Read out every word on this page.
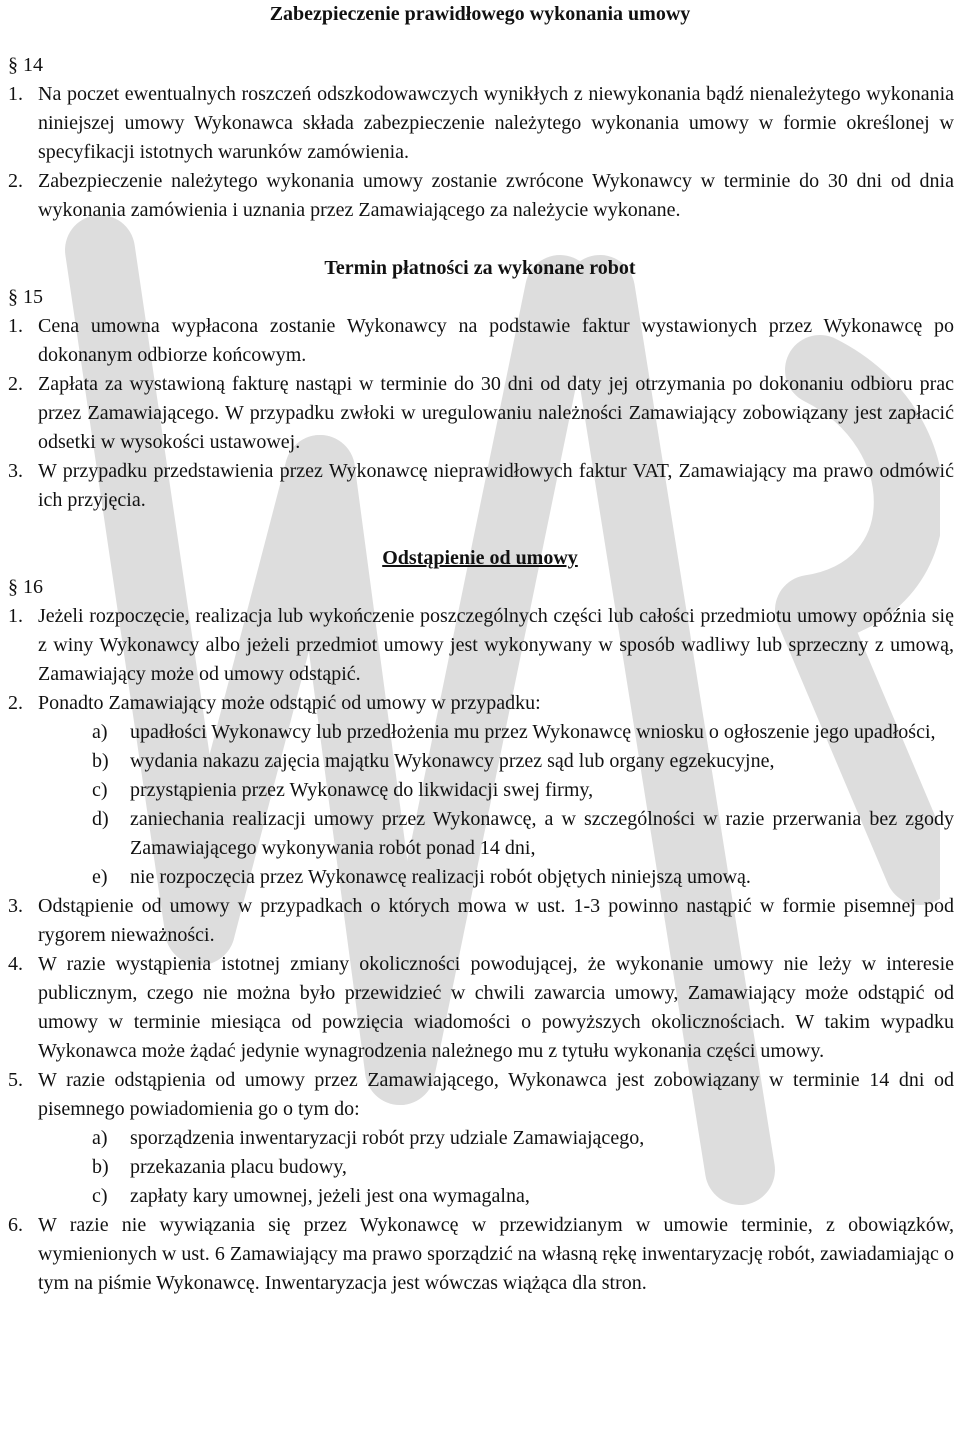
Zabezpieczenie prawidłowego wykonania umowy

§ 14

1. Na poczet ewentualnych roszczeń odszkodowawczych wynikłych z niewykonania bądź nienależytego wykonania niniejszej umowy Wykonawca składa zabezpieczenie należytego wykonania umowy w formie określonej w specyfikacji istotnych warunków zamówienia.
2. Zabezpieczenie należytego wykonania umowy zostanie zwrócone Wykonawcy w terminie do 30 dni od dnia wykonania zamówienia i uznania przez Zamawiającego za należycie wykonane.

Termin płatności za wykonane robot

§ 15

1. Cena umowna wypłacona zostanie Wykonawcy na podstawie faktur wystawionych przez Wykonawcę po dokonanym odbiorze końcowym.
2. Zapłata za wystawioną fakturę nastąpi w terminie do 30 dni od daty jej otrzymania po dokonaniu odbioru prac przez Zamawiającego. W przypadku zwłoki w uregulowaniu należności Zamawiający zobowiązany jest zapłacić odsetki w wysokości ustawowej.
3. W przypadku przedstawienia przez Wykonawcę nieprawidłowych faktur VAT, Zamawiający ma prawo odmówić ich przyjęcia.

Odstąpienie od umowy

§ 16

1. Jeżeli rozpoczęcie, realizacja lub wykończenie poszczególnych części lub całości przedmiotu umowy opóźnia się z winy Wykonawcy albo jeżeli przedmiot umowy jest wykonywany w sposób wadliwy lub sprzeczny z umową, Zamawiający może od umowy odstąpić.
2. Ponadto Zamawiający może odstąpić od umowy w przypadku:
a)	upadłości Wykonawcy lub przedłożenia mu przez Wykonawcę wniosku o ogłoszenie jego upadłości,
b)	wydania nakazu zajęcia majątku Wykonawcy przez sąd lub organy egzekucyjne,
c)	przystąpienia przez Wykonawcę do likwidacji swej firmy,
d)	zaniechania realizacji umowy przez Wykonawcę, a w szczególności w razie przerwania bez zgody Zamawiającego wykonywania robót ponad 14 dni,
e)	nie rozpoczęcia przez Wykonawcę realizacji robót objętych niniejszą umową.
3. Odstąpienie od umowy w przypadkach o których mowa w ust. 1-3 powinno nastąpić w formie pisemnej pod rygorem nieważności.
4. W razie wystąpienia istotnej zmiany okoliczności powodującej, że wykonanie umowy nie leży w interesie publicznym, czego nie można było przewidzieć w chwili zawarcia umowy, Zamawiający może odstąpić od umowy w terminie miesiąca od powzięcia wiadomości o powyższych okolicznościach. W takim wypadku Wykonawca może żądać jedynie wynagrodzenia należnego mu z tytułu wykonania części umowy.
5. W razie odstąpienia od umowy przez Zamawiającego, Wykonawca jest zobowiązany w terminie 14 dni od pisemnego powiadomienia go o tym do:
a)	sporządzenia inwentaryzacji robót przy udziale Zamawiającego,
b)	przekazania placu budowy,
c)	zapłaty kary umownej, jeżeli jest ona wymagalna,
6. W razie nie wywiązania się przez Wykonawcę w przewidzianym w umowie terminie, z obowiązków, wymienionych w ust. 6 Zamawiający ma prawo sporządzić na własną rękę inwentaryzację robót, zawiadamiając o tym na piśmie Wykonawcę. Inwentaryzacja jest wówczas wiążąca dla stron.
